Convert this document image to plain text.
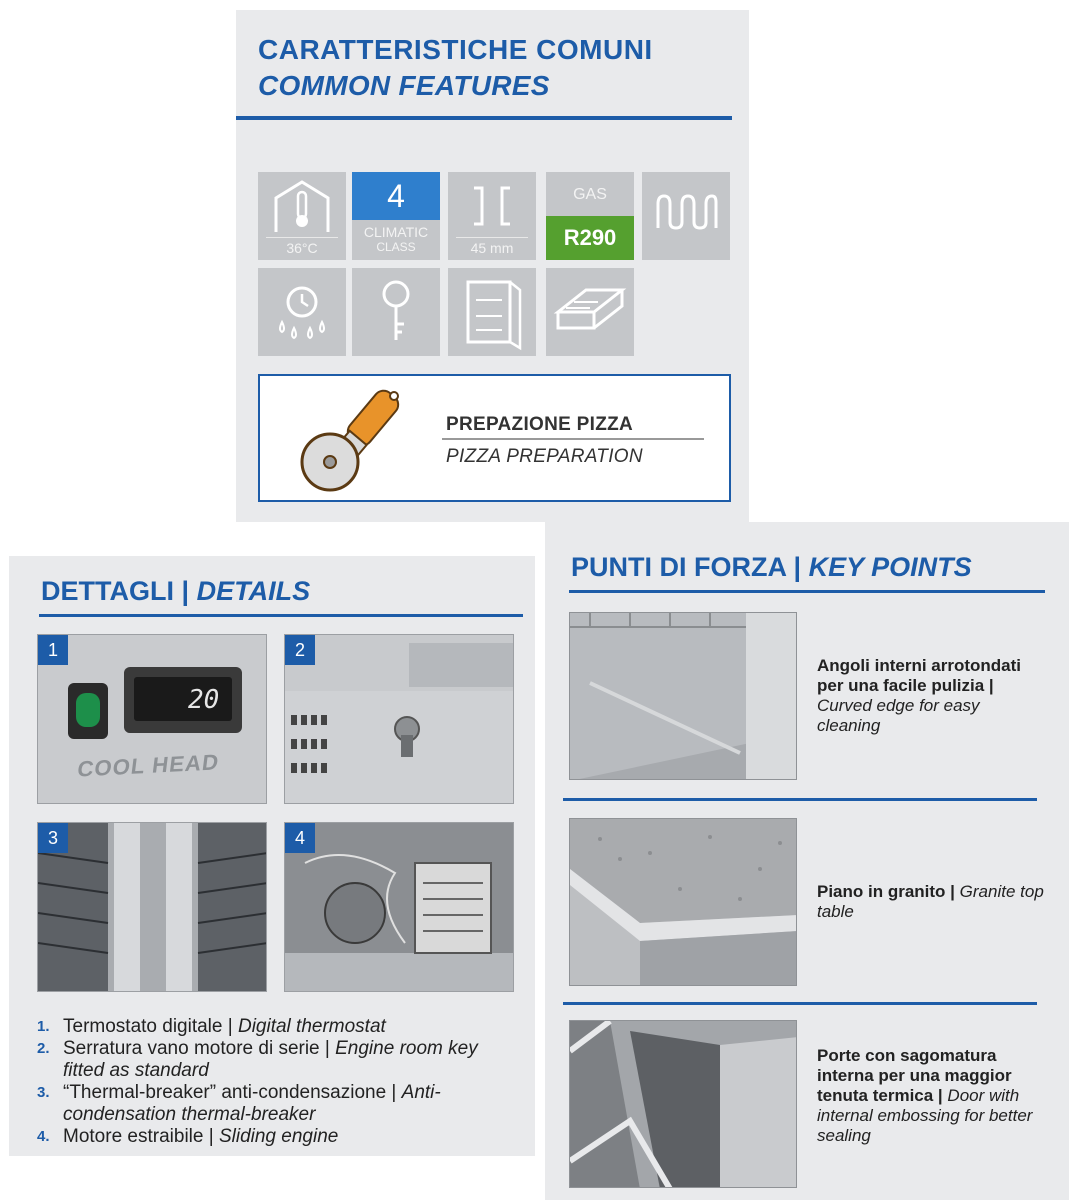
CARATTERISTICHE COMUNI
COMMON FEATURES
36°C
4
CLIMATIC
CLASS	45 mm
GAS
R290
PREPAZIONE PIZZA
PIZZA PREPARATION
DETTAGLI | DETAILS
1
20
COOL HEAD
2
3	4
1. Termostato digitale | Digital thermostat
2. Serratura vano motore di serie | Engine room key fitted as standard
3. “Thermal-breaker” anti-condensazione | Anti-condensation thermal-breaker
4. Motore estraibile | Sliding engine
PUNTI DI FORZA | KEY POINTS
Angoli interni arrotondati per una facile pulizia | Curved edge for easy cleaning
Piano in granito | Granite top table
Porte con sagomatura interna per una maggior tenuta termica | Door with internal embossing for better sealing
